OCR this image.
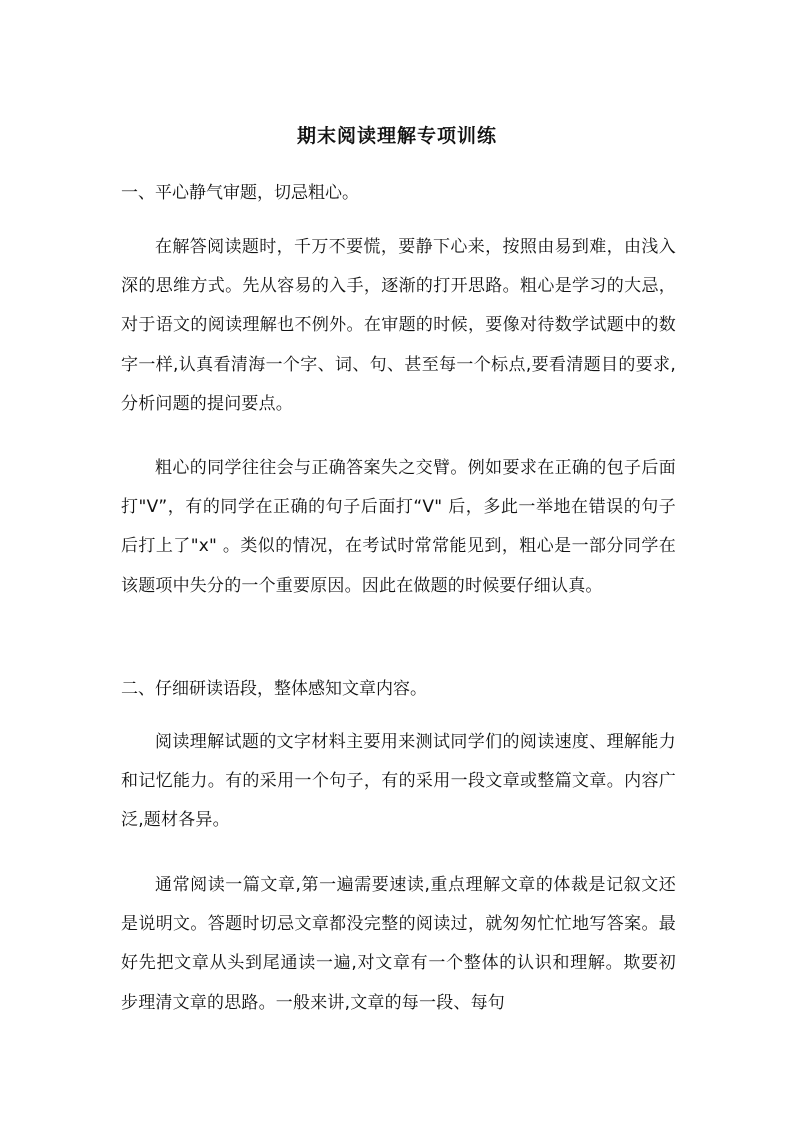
期末阅读理解专项训练

一、平心静气审题，切忌粗心。

在解答阅读题时，千万不要慌，要静下心来，按照由易到难，由浅入深的思维方式。先从容易的入手，逐渐的打开思路。粗心是学习的大忌，对于语文的阅读理解也不例外。在审题的时候，要像对待数学试题中的数字一样,认真看清海一个字、词、句、甚至每一个标点,要看清题目的要求,分析问题的提问要点。

粗心的同学往往会与正确答案失之交臂。例如要求在正确的包子后面打"V”，有的同学在正确的句子后面打“V" 后，多此一举地在错误的句子后打上了"x" 。类似的情况，在考试时常常能见到，粗心是一部分同学在该题项中失分的一个重要原因。因此在做题的时候要仔细认真。

二、仔细研读语段，整体感知文章内容。

阅读理解试题的文字材料主要用来测试同学们的阅读速度、理解能力和记忆能力。有的采用一个句子，有的采用一段文章或整篇文章。内容广泛,题材各异。

通常阅读一篇文章,第一遍需要速读,重点理解文章的体裁是记叙文还是说明文。答题时切忌文章都没完整的阅读过，就匆匆忙忙地写答案。最好先把文章从头到尾通读一遍,对文章有一个整体的认识和理解。欺要初步理清文章的思路。一般来讲,文章的每一段、每句
